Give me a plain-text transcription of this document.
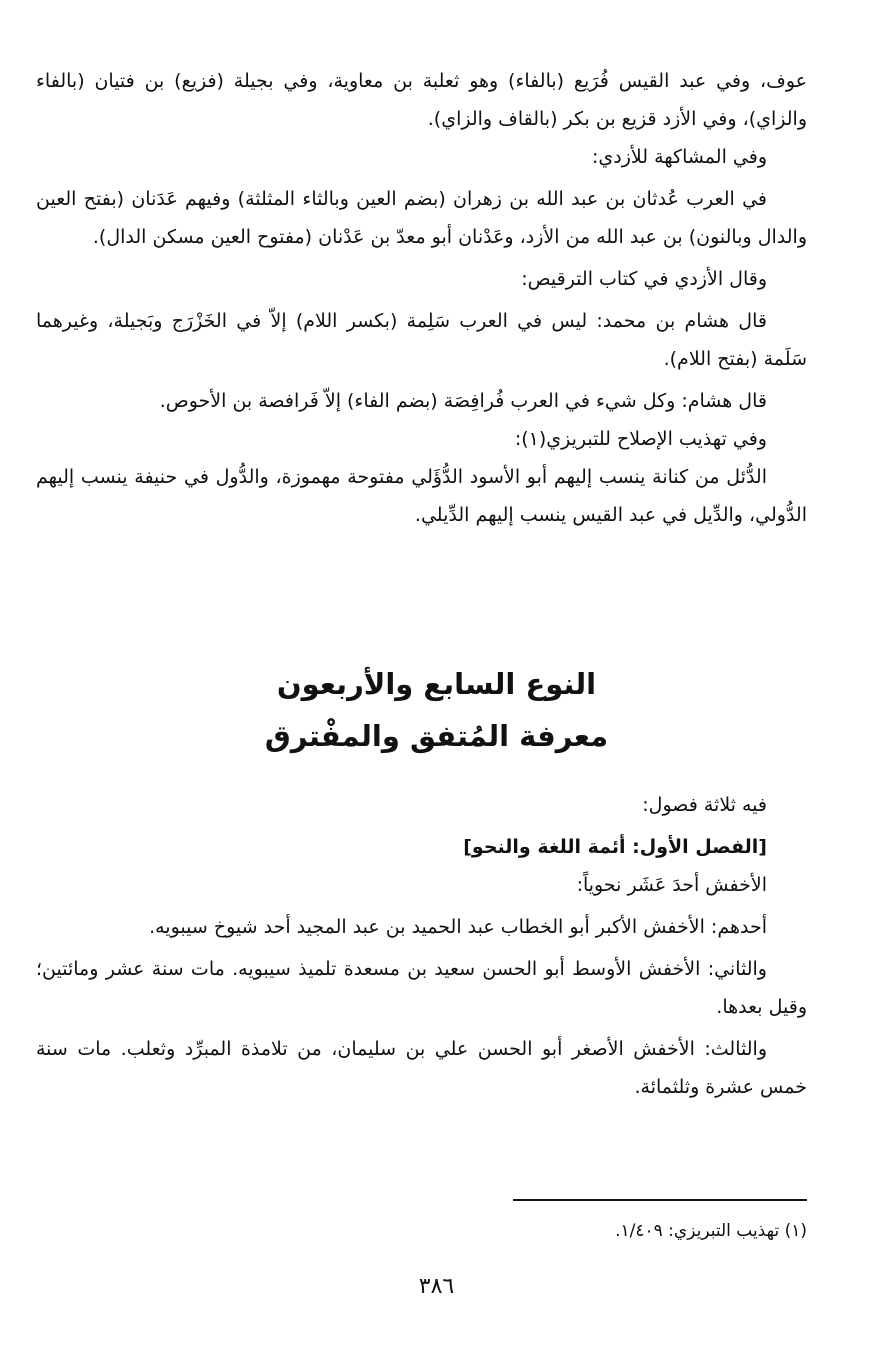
عوف، وفي عبد القيس فُرَيع (بالفاء) وهو ثعلبة بن معاوية، وفي بجيلة (فزيع) بن فتيان (بالفاء والزاي)، وفي الأزد قزيع بن بكر (بالقاف والزاي).

وفي المشاكهة للأزدي:

في العرب عُدثان بن عبد الله بن زهران (بضم العين وبالثاء المثلثة) وفيهم عَدَنان (بفتح العين والدال وبالنون) بن عبد الله من الأزد، وعَدْنان أبو معدّ بن عَدْنان (مفتوح العين مسكن الدال).

وقال الأزدي في كتاب الترقيص:

قال هشام بن محمد: ليس في العرب سَلِمة (بكسر اللام) إلاّ في الخَزْرَج وبَجيلة، وغيرهما سَلَمة (بفتح اللام).

قال هشام: وكل شيء في العرب فُرافِصَة (بضم الفاء) إلاّ فَرافصة بن الأحوص.

وفي تهذيب الإصلاح للتبريزي(١):

الدُّئل من كنانة ينسب إليهم أبو الأسود الدُّؤَلي مفتوحة مهموزة، والدُّول في حنيفة ينسب إليهم الدُّولي، والدِّيل في عبد القيس ينسب إليهم الدِّيلي.

النوع السابع والأربعون
معرفة المُتفق والمفْترق

فيه ثلاثة فصول:

[الفصل الأول: أئمة اللغة والنحو]

الأخفش أحدَ عَشَر نحوياً:

أحدهم: الأخفش الأكبر أبو الخطاب عبد الحميد بن عبد المجيد أحد شيوخ سيبويه.

والثاني: الأخفش الأوسط أبو الحسن سعيد بن مسعدة تلميذ سيبويه. مات سنة عشر ومائتين؛ وقيل بعدها.

والثالث: الأخفش الأصغر أبو الحسن علي بن سليمان، من تلامذة المبرِّد وثعلب. مات سنة خمس عشرة وثلثمائة.

(١) تهذيب التبريزي: ١/٤٠٩.
٣٨٦
